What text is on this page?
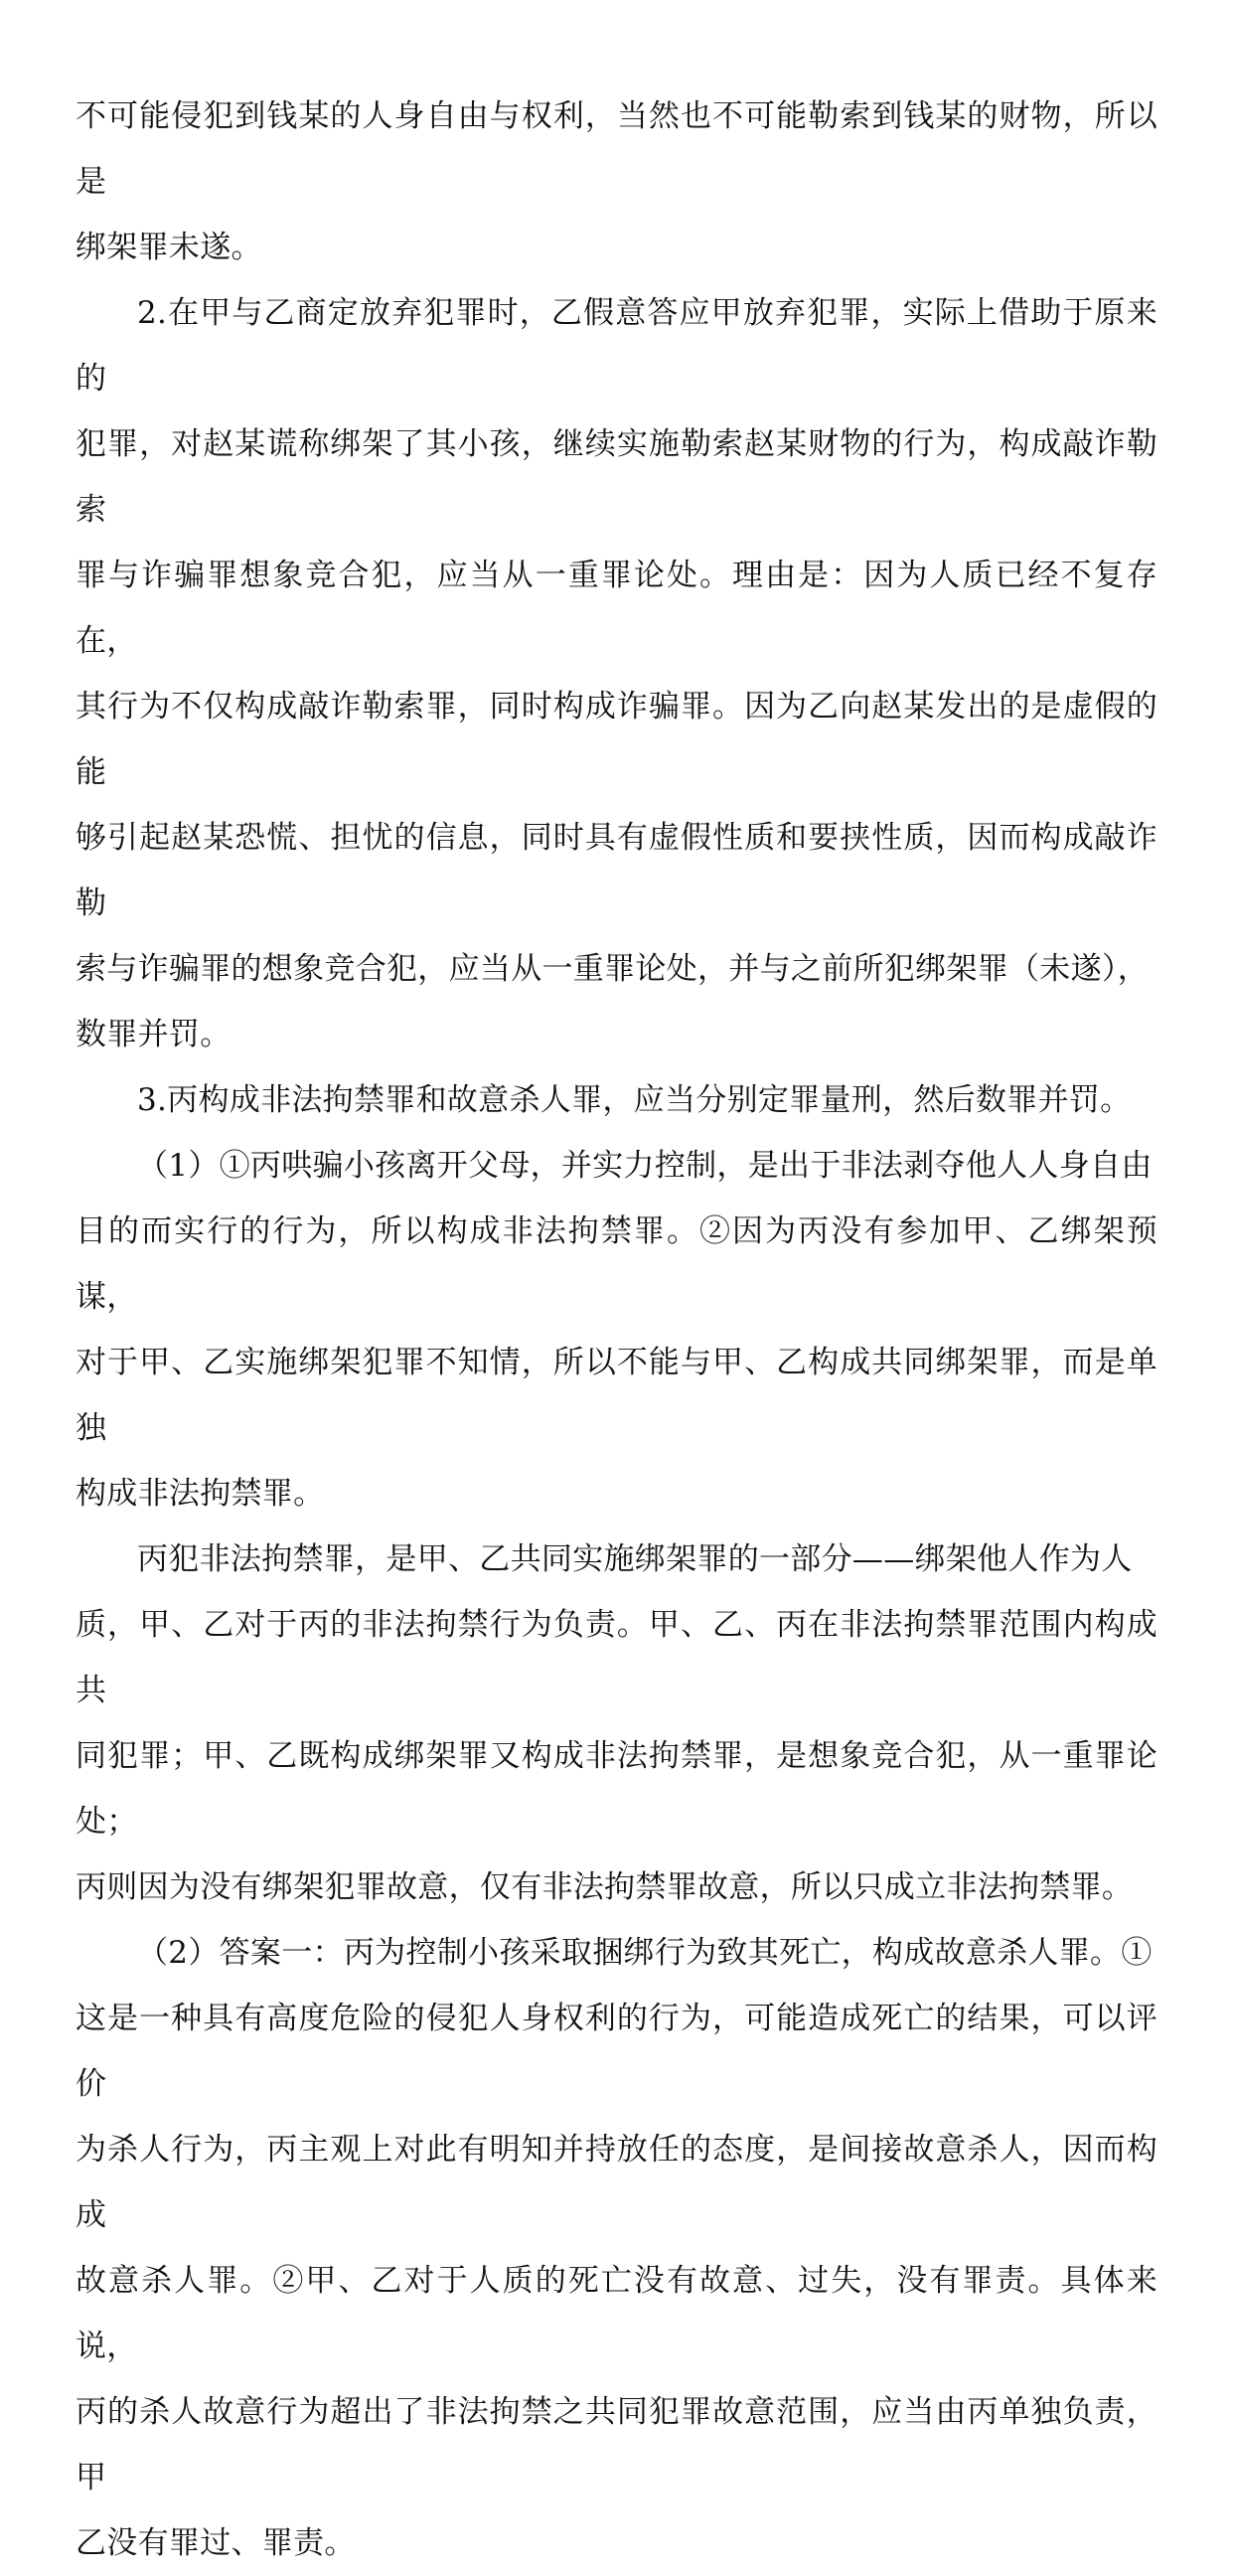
不可能侵犯到钱某的人身自由与权利，当然也不可能勒索到钱某的财物，所以是
绑架罪未遂。

2.在甲与乙商定放弃犯罪时，乙假意答应甲放弃犯罪，实际上借助于原来的
犯罪，对赵某谎称绑架了其小孩，继续实施勒索赵某财物的行为，构成敲诈勒索
罪与诈骗罪想象竞合犯，应当从一重罪论处。理由是：因为人质已经不复存在，
其行为不仅构成敲诈勒索罪，同时构成诈骗罪。因为乙向赵某发出的是虚假的能
够引起赵某恐慌、担忧的信息，同时具有虚假性质和要挟性质，因而构成敲诈勒
索与诈骗罪的想象竞合犯，应当从一重罪论处，并与之前所犯绑架罪（未遂），
数罪并罚。

3.丙构成非法拘禁罪和故意杀人罪，应当分别定罪量刑，然后数罪并罚。

（1）①丙哄骗小孩离开父母，并实力控制，是出于非法剥夺他人人身自由
目的而实行的行为，所以构成非法拘禁罪。②因为丙没有参加甲、乙绑架预谋，
对于甲、乙实施绑架犯罪不知情，所以不能与甲、乙构成共同绑架罪，而是单独
构成非法拘禁罪。

丙犯非法拘禁罪，是甲、乙共同实施绑架罪的一部分——绑架他人作为人
质，甲、乙对于丙的非法拘禁行为负责。甲、乙、丙在非法拘禁罪范围内构成共
同犯罪；甲、乙既构成绑架罪又构成非法拘禁罪，是想象竞合犯，从一重罪论处；
丙则因为没有绑架犯罪故意，仅有非法拘禁罪故意，所以只成立非法拘禁罪。

（2）答案一：丙为控制小孩采取捆绑行为致其死亡，构成故意杀人罪。①
这是一种具有高度危险的侵犯人身权利的行为，可能造成死亡的结果，可以评价
为杀人行为，丙主观上对此有明知并持放任的态度，是间接故意杀人，因而构成
故意杀人罪。②甲、乙对于人质的死亡没有故意、过失，没有罪责。具体来说，
丙的杀人故意行为超出了非法拘禁之共同犯罪故意范围，应当由丙单独负责，甲
乙没有罪过、罪责。
